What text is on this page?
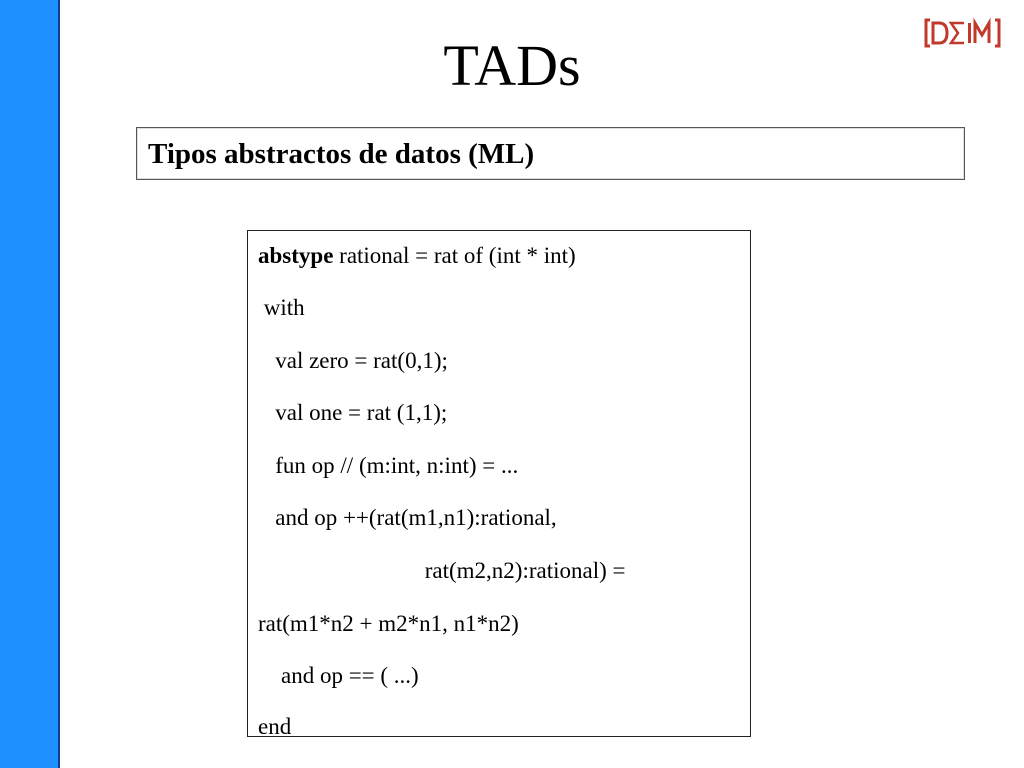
TADs
Tipos abstractos de datos (ML)
abstype rational = rat of (int * int)
with
val zero = rat(0,1);
val one = rat (1,1);
fun op // (m:int, n:int) = ...
and op ++(rat(m1,n1):rational,
rat(m2,n2):rational) =
rat(m1*n2 + m2*n1, n1*n2)
and op == ( ...)
end
